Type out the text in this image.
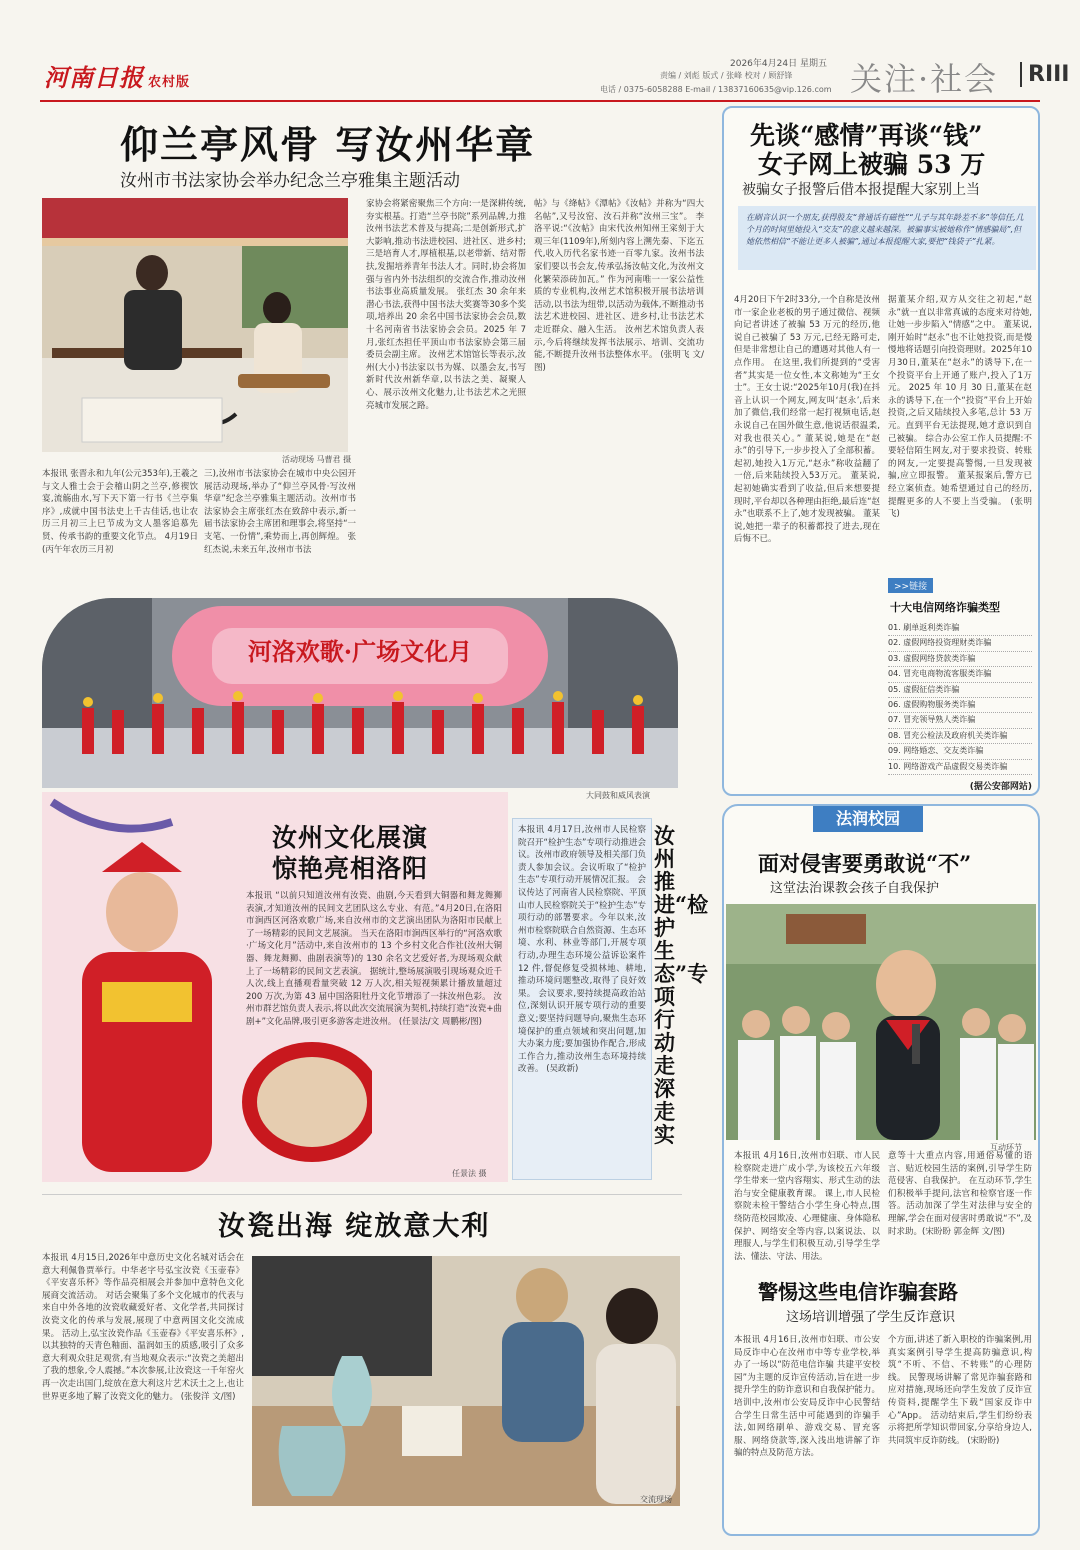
河南日报 农村版
2026年4月24日 星期五
责编 / 刘彪 版式 / 张峰 校对 / 顾舒锋
电话 / 0375-6058288 E-mail / 13837160635@vip.126.com 关注·社会	RIII
仰兰亭风骨 写汝州华章
汝州市书法家协会举办纪念兰亭雅集主题活动
活动现场 马曹君 摄
本报讯 张晋永和九年(公元353年),王羲之与文人雅士会于会稽山阴之兰亭,修禊饮宴,流觞曲水,写下天下第一行书《兰亭集序》,成就中国书法史上千古佳话,也让农历三月初三上巳节成为文人墨客追慕先贤、传承书韵的重要文化节点。 4月19日(丙午年农历三月初
三),汝州市书法家协会在城市中央公园开展活动现场,举办了“仰兰亭风骨·写汝州华章”纪念兰亭雅集主题活动。汝州市书法家协会主席张红杰在致辞中表示,新一届书法家协会主席团和理事会,将坚持“一支笔、一份情”,乘势而上,再创辉煌。 张红杰说,未来五年,汝州市书法
家协会将紧密聚焦三个方向:一是深耕传统,夯实根基。打造“兰亭书院”系列品牌,力推汝州书法艺术普及与提高;二是创新形式,扩大影响,推动书法进校园、进社区、进乡村;三是培育人才,厚植根基,以老带新、结对帮扶,发掘培养青年书法人才。同时,协会将加强与省内外书法组织的交流合作,推动汝州书法事业高质量发展。 张红杰 30 余年来潜心书法,获得中国书法大奖赛等30多个奖项,培养出 20 余名中国书法家协会会员,数十名河南省书法家协会会员。2025 年 7 月,张红杰担任平顶山市书法家协会第三届委员会副主席。 汝州艺术馆馆长等表示,汝州(大小)书法家以书为媒、以墨会友,书写新时代汝州新华章,以书法之美、凝聚人心、展示汝州文化魅力,让书法艺术之光照亮城市发展之路。
帖》与《绛帖》《潭帖》《汝帖》并称为“四大名帖”,又号汝窑、汝石并称“汝州三宝”。 李洛平说:“《汝帖》由宋代汝州知州王寀刻于大观三年(1109年),所刻内容上溯先秦、下迄五代,收入历代名家书迹一百零九家。汝州书法家们要以书会友,传承弘扬汝帖文化,为汝州文化繁荣添砖加瓦。” 作为河南唯一一家公益性质的专业机构,汝州艺术馆积极开展书法培训活动,以书法为纽带,以活动为载体,不断推动书法艺术进校园、进社区、进乡村,让书法艺术走近群众、融入生活。 汝州艺术馆负责人表示,今后将继续发挥书法展示、培训、交流功能,不断提升汝州书法整体水平。 (张明飞 文/图)
先谈“感情”再谈“钱”
女子网上被骗 53 万
被骗女子报警后借本报提醒大家别上当
在刷音认识一个朋友,获得股友“普通话有磁性”“儿子与其年龄差不多”等信任,几个月的时间里她投入“交友”的意义越来越深。被骗事实被她称作“情感骗局”,但她依然相信“不能让更多人被骗”,通过本报提醒大家,要把“钱袋子”扎紧。
4月20日下午2时33分,一个自称是汝州市一家企业老板的男子通过微信、视频向记者讲述了被骗 53 万元的经历,他说自己被骗了 53 万元,已经无路可走,但是非常想让自己的遭遇对其他人有一点作用。 在这里,我们所提到的“受害者”其实是一位女性,本文称她为“王女士”。王女士说:“2025年10月(我)在抖音上认识一个网友,网友叫‘赵永’,后来加了微信,我们经常一起打视频电话,赵永说自己在国外做生意,他说话很温柔,对我也很关心。” 董某说,她是在“赵永”的引导下,一步步投入了全部积蓄。起初,她投入1万元,“赵永”称收益翻了一倍,后来陆续投入53万元。 董某说,起初她确实看到了收益,但后来想要提现时,平台却以各种理由拒绝,最后连“赵永”也联系不上了,她才发现被骗。 董某说,她把一辈子的积蓄都投了进去,现在后悔不已。
据董某介绍,双方从交往之初起,“赵永”就一直以非常真诚的态度来对待她,让她一步步陷入“情感”之中。 董某说,刚开始时“赵永”也不让她投资,而是慢慢地将话题引向投资理财。2025年10月30日,董某在“赵永”的诱导下,在一个投资平台上开通了账户,投入了1万元。 2025 年 10 月 30 日,董某在赵永的诱导下,在一个“投资”平台上开始投资,之后又陆续投入多笔,总计 53 万元。直到平台无法提现,她才意识到自己被骗。 综合办公室工作人员提醒:不要轻信陌生网友,对于要求投资、转账的网友,一定要提高警惕,一旦发现被骗,应立即报警。 董某报案后,警方已经立案侦查。她希望通过自己的经历,提醒更多的人不要上当受骗。 (张明飞)
>>链接
十大电信网络诈骗类型
01. 刷单返利类诈骗
02. 虚假网络投资理财类诈骗
03. 虚假网络贷款类诈骗
04. 冒充电商物流客服类诈骗
05. 虚假征信类诈骗
06. 虚假购物服务类诈骗
07. 冒充领导熟人类诈骗
08. 冒充公检法及政府机关类诈骗
09. 网络婚恋、交友类诈骗
10. 网络游戏产品虚假交易类诈骗
(据公安部网站)
河洛欢歌·广场文化月
大同鼓和威风表演
汝州文化展演
惊艳亮相洛阳
本报讯 “以前只知道汝州有汝瓷、曲剧,今天看到大铜器和舞龙舞狮表演,才知道汝州的民间文艺团队这么专业、有范。”4月20日,在洛阳市涧西区河洛欢歌广场,来自汝州市的文艺演出团队为洛阳市民献上了一场精彩的民间文艺展演。 当天在洛阳市涧西区举行的“河洛欢歌·广场文化月”活动中,来自汝州市的 13 个乡村文化合作社(汝州大铜器、舞龙舞狮、曲剧表演等)的 130 余名文艺爱好者,为现场观众献上了一场精彩的民间文艺表演。 据统计,整场展演吸引现场观众近千人次,线上直播观看量突破 12 万人次,相关短视频累计播放量超过 200 万次,为第 43 届中国洛阳牡丹文化节增添了一抹汝州色彩。 汝州市群艺馆负责人表示,将以此次交流展演为契机,持续打造“汝瓷+曲剧+”文化品牌,吸引更多游客走进汝州。 (任景法/文 周鹏彬/图)
任景法 摄
本报讯 4月17日,汝州市人民检察院召开“检护生态”专项行动推进会议。汝州市政府领导及相关部门负责人参加会议。会议听取了“检护生态”专项行动开展情况汇报。 会议传达了河南省人民检察院、平顶山市人民检察院关于“检护生态”专项行动的部署要求。今年以来,汝州市检察院联合自然资源、生态环境、水利、林业等部门,开展专项行动,办理生态环境公益诉讼案件 12 件,督促修复受损林地、耕地,推动环境问题整改,取得了良好效果。 会议要求,要持续提高政治站位,深刻认识开展专项行动的重要意义;要坚持问题导向,聚焦生态环境保护的重点领域和突出问题,加大办案力度;要加强协作配合,形成工作合力,推动汝州生态环境持续改善。 (吴政新)
汝州推进“检护生态”专项行动走深走实
汝瓷出海 绽放意大利
本报讯 4月15日,2026年中意历史文化名城对话会在意大利佩鲁贾举行。中华老字号弘宝汝瓷《玉壶春》《平安喜乐杯》等作品亮相展会并参加中意特色文化展商交流活动。 对话会聚集了多个文化城市的代表与来自中外各地的汝瓷收藏爱好者、文化学者,共同探讨汝瓷文化的传承与发展,展现了中意两国文化交流成果。 活动上,弘宝汝瓷作品《玉壶春》《平安喜乐杯》,以其独特的天青色釉面、温润如玉的质感,吸引了众多意大利观众驻足观赏,有当地观众表示:“汝瓷之美超出了我的想象,令人震撼。”本次参展,让汝瓷这一千年窑火再一次走出国门,绽放在意大利这片艺术沃土之上,也让世界更多地了解了汝瓷文化的魅力。 (张俊洋 文/图)
交流现场
法润校园
面对侵害要勇敢说“不”
这堂法治课教会孩子自我保护
互动环节
本报讯 4月16日,汝州市妇联、市人民检察院走进广成小学,为该校五六年级学生带来一堂内容翔实、形式生动的法治与安全健康教育课。 课上,市人民检察院未检干警结合小学生身心特点,围绕防范校园欺凌、心理健康、身体隐私保护、网络安全等内容,以案说法、以理服人,与学生们积极互动,引导学生学法、懂法、守法、用法。
意等十大重点内容,用通俗易懂的语言、贴近校园生活的案例,引导学生防范侵害、自我保护。 在互动环节,学生们积极举手提问,法官和检察官逐一作答。活动加深了学生对法律与安全的理解,学会在面对侵害时勇敢说“不”,及时求助。(宋盼盼 郭金辉 文/图)
警惕这些电信诈骗套路
这场培训增强了学生反诈意识
本报讯 4月16日,汝州市妇联、市公安局反诈中心在汝州市中等专业学校,举办了一场以“防范电信诈骗 共建平安校园”为主题的反诈宣传活动,旨在进一步提升学生的防诈意识和自我保护能力。 培训中,汝州市公安局反诈中心民警结合学生日常生活中可能遇到的诈骗手法,如网络刷单、游戏交易、冒充客服、网络贷款等,深入浅出地讲解了诈骗的特点及防范方法。
个方面,讲述了新入职校的诈骗案例,用真实案例引导学生提高防骗意识,构筑“不听、不信、不转账”的心理防线。 民警现场讲解了常见诈骗套路和应对措施,现场还向学生发放了反诈宣传资料,提醒学生下载“国家反诈中心”App。 活动结束后,学生们纷纷表示将把所学知识带回家,分享给身边人,共同筑牢反诈防线。 (宋盼盼)
